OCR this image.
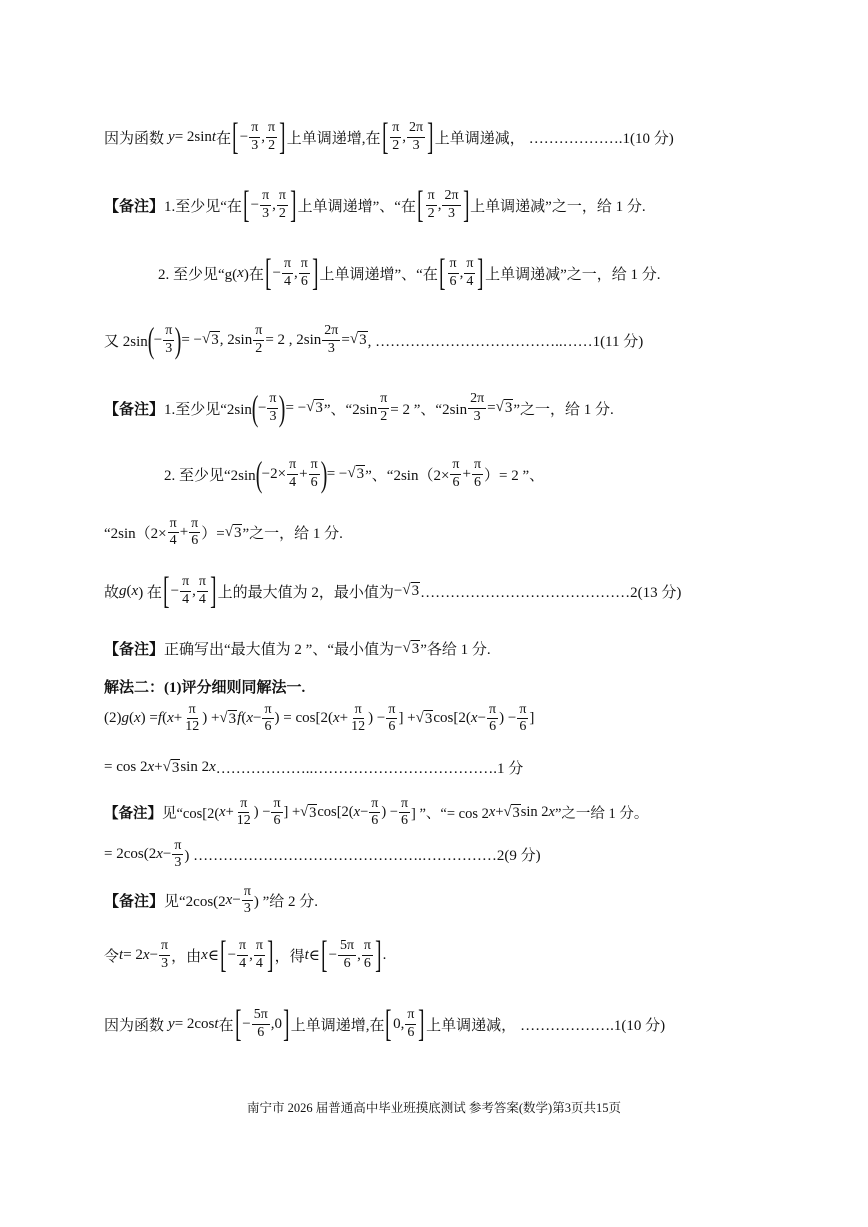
因为函数 y = 2sin t 在 [ − $\frac{\pi}{3}$ , $\frac{\pi}{2}$ ] 上单调递增,在 [ $\frac{\pi}{2}$ , $\frac{2\pi}{3}$ ] 上单调递减， ……………….1(10 分)
【备注】 1.至少见“在 [ − $\frac{\pi}{3}$ , $\frac{\pi}{2}$ ] 上单调递增”、“在 [ $\frac{\pi}{2}$ , $\frac{2\pi}{3}$ ] 上单调递减”之一，给 1 分.
2. 至少见“g( x )在 [ − $\frac{\pi}{4}$ , $\frac{\pi}{6}$ ] 上单调递增”、“在 [ $\frac{\pi}{6}$ , $\frac{\pi}{4}$ ] 上单调递减”之一，给 1 分.
又 2sin ( − $\frac{\pi}{3}$ ) = − √ 3 , $2\sin \frac{\pi}{2} = 2$ , $2\sin \frac{2\pi}{3}$ = √ 3 , ………………………………..……1(11 分)
【备注】 1.至少见“2sin ( − $\frac{\pi}{3}$ ) = − √ 3 ”、“$2\sin \frac{\pi}{2} = 2$ ”、“$2\sin \frac{2\pi}{3}$ = √ 3 ”之一，给 1 分.
2. 至少见“2sin ( $-2\times \frac{\pi}{4} + \frac{\pi}{6}$ ) = − √ 3 ”、“$2\sin(2\times \frac{\pi}{6} + \frac{\pi}{6}$ ）= 2 ”、
“$2\sin(2\times \frac{\pi}{4} + \frac{\pi}{6}$ ）= √ 3 ”之一，给 1 分.
故 g ( x ) 在 [ − $\frac{\pi}{4}$ , $\frac{\pi}{4}$ ] 上的最大值为 2，最小值为 − √ 3 ……………………………………2(13 分)
【备注】 正确写出“最大值为 2 ”、“最小值为 − √ 3 ”各给 1 分.
解法二：(1)评分细则同解法一.
(2) g ( x ) = f ( $x + \frac{\pi}{12}$ ) + √ 3 f ( $x - \frac{\pi}{6}$ ) = cos[2( $x + \frac{\pi}{12}$ ) − $\frac{\pi}{6}$ ] + √ 3 cos[2( $x - \frac{\pi}{6}$ ) − $\frac{\pi}{6}$ ]
= cos 2 x + √ 3 sin 2 x ………………..……………………………….1 分
【备注】 见“cos[2( $x + \frac{\pi}{12}$ ) − $\frac{\pi}{6}$ ] + √ 3 cos[2( $x - \frac{\pi}{6}$ ) − $\frac{\pi}{6}$ ] ”、“= cos 2 x + √ 3 sin 2 x ”之一给 1 分。
= 2cos(2 $x - \frac{\pi}{3}$ ) ……………………………………….……………2(9 分)
【备注】 见“2cos(2 $x - \frac{\pi}{3}$ ) ”给 2 分.
令 t = 2 $x - \frac{\pi}{3}$ ，由 x ∈ [ − $\frac{\pi}{4}$ , $\frac{\pi}{4}$ ] ，得 t ∈ [ − $\frac{5\pi}{6}$ , $\frac{\pi}{6}$ ] .
因为函数 y = 2cos t 在 [ − $\frac{5\pi}{6}$ , 0 ] 上单调递增,在 [ 0 , $\frac{\pi}{6}$ ] 上单调递减， ……………….1(10 分)
南宁市 2026 届普通高中毕业班摸底测试 参考答案(数学)第3页共15页
